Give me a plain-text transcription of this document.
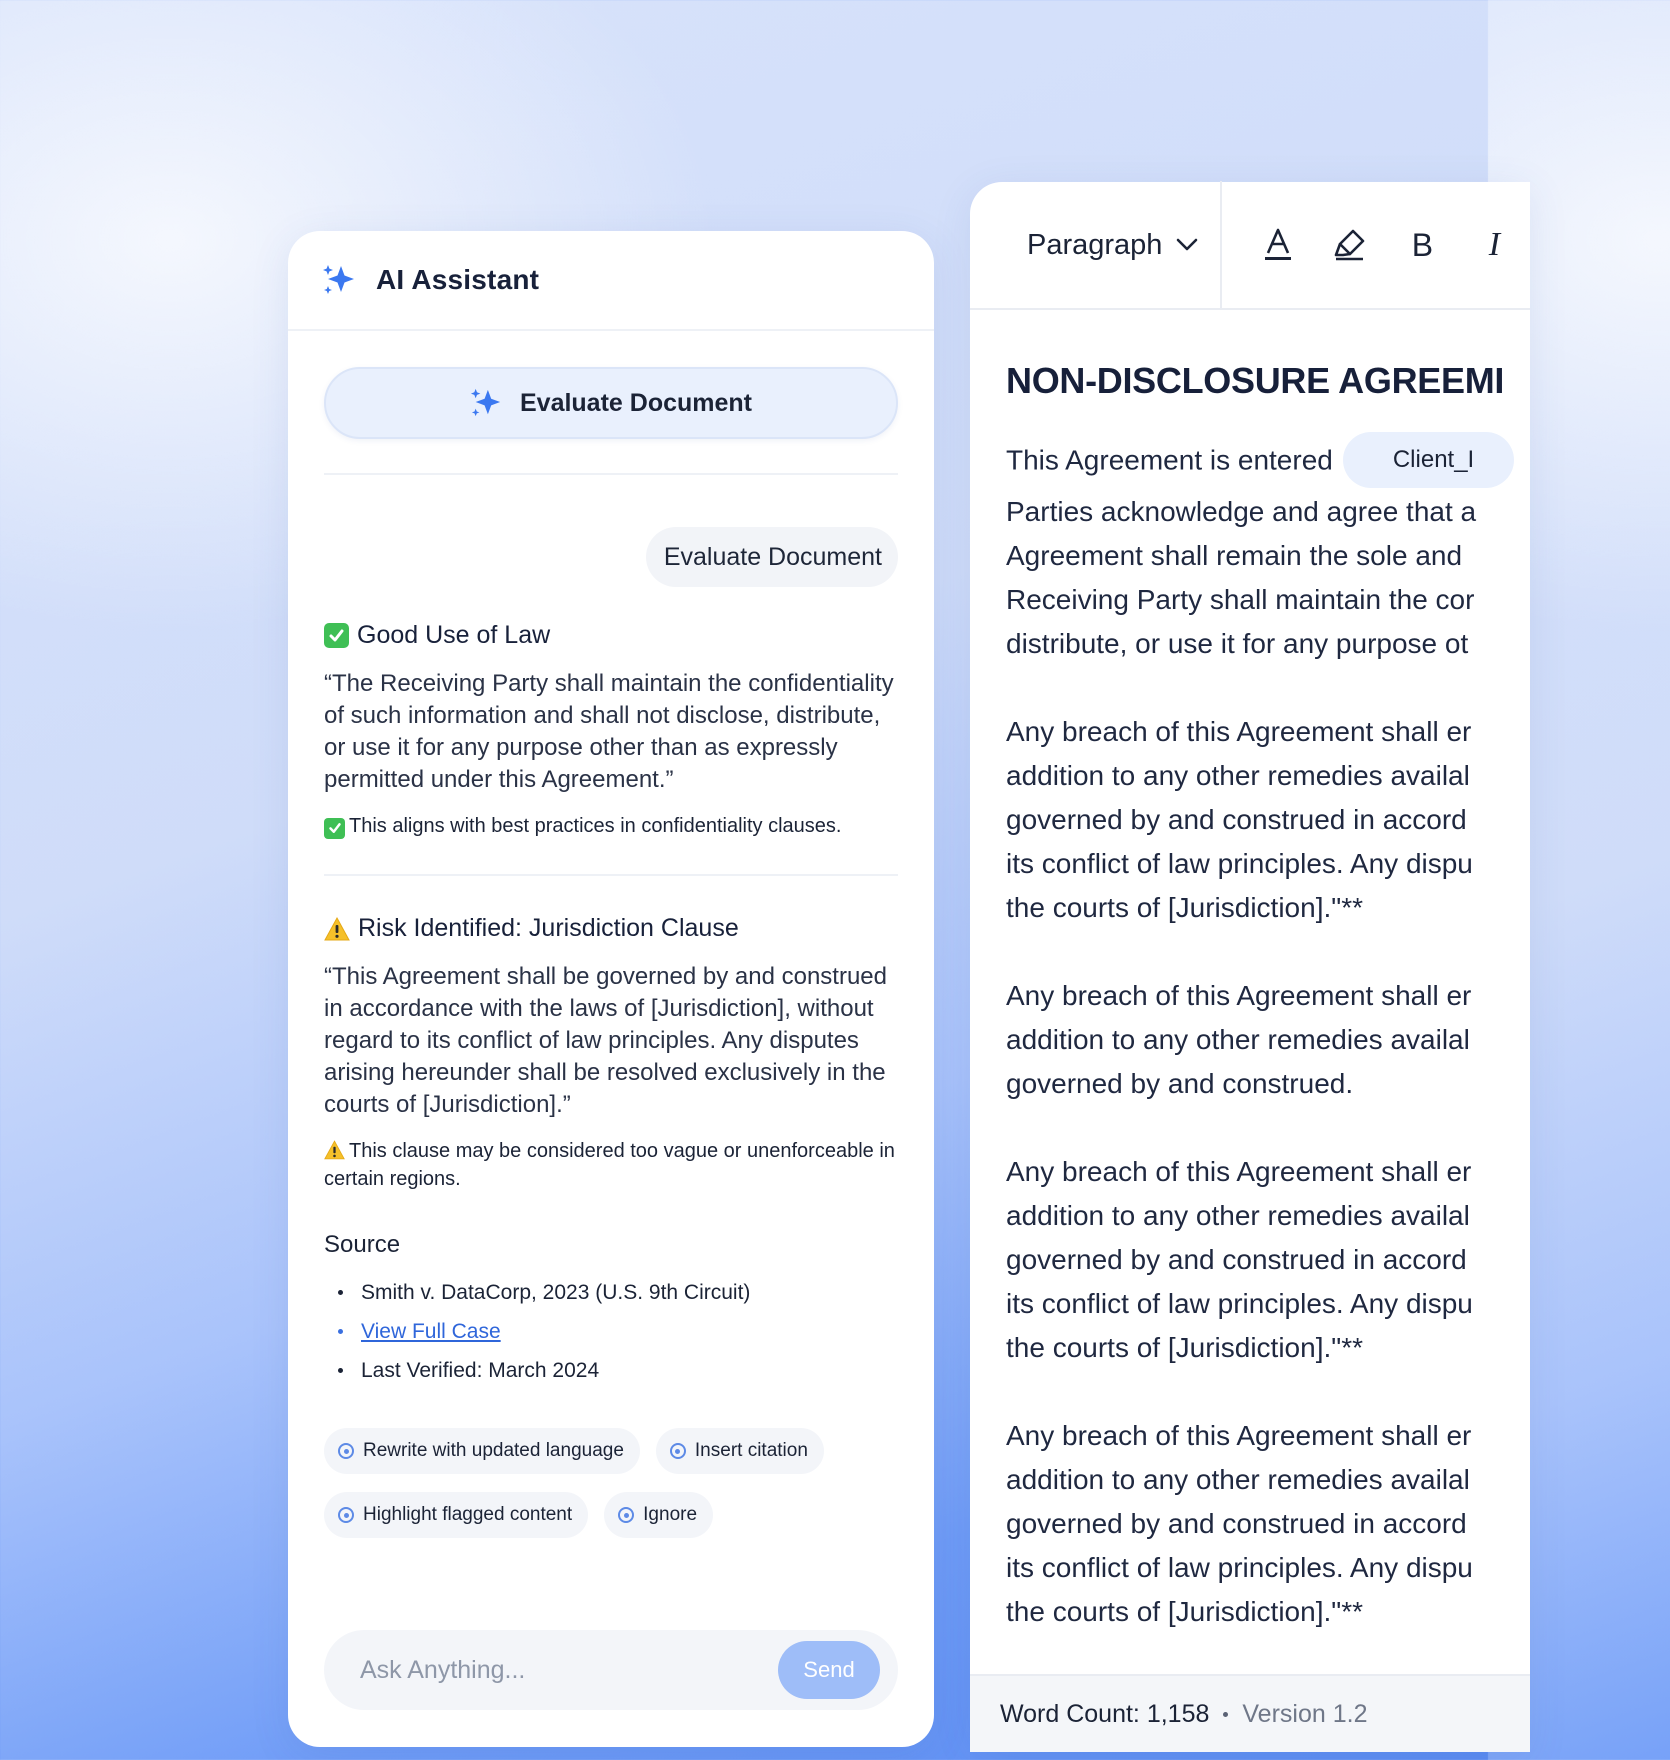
AI Assistant
Evaluate Document
Evaluate Document
Good Use of Law

“The Receiving Party shall maintain the confidentiality of such information and shall not disclose, distribute, or use it for any purpose other than as expressly permitted under this Agreement.”

This aligns with best practices in confidentiality clauses.

Risk Identified: Jurisdiction Clause

“This Agreement shall be governed by and construed in accordance with the laws of [Jurisdiction], without regard to its conflict of law principles. Any disputes arising hereunder shall be resolved exclusively in the courts of [Jurisdiction].”

This clause may be considered too vague or unenforceable in certain regions.

Source
Smith v. DataCorp, 2023 (U.S. 9th Circuit)
View Full Case
Last Verified: March 2024
Rewrite with updated language	Insert citation
Highlight flagged content	Ignore
Ask Anything...
Send
Paragraph	B I
NON-DISCLOSURE AGREEMI
This Agreement is entered	Client_I
Parties acknowledge and agree that a
Agreement shall remain the sole and
Receiving Party shall maintain the cor
distribute, or use it for any purpose ot
Any breach of this Agreement shall er
addition to any other remedies availal
governed by and construed in accord
its conflict of law principles. Any dispu
the courts of [Jurisdiction]."**
Any breach of this Agreement shall er
addition to any other remedies availal
governed by and construed.
Any breach of this Agreement shall er
addition to any other remedies availal
governed by and construed in accord
its conflict of law principles. Any dispu
the courts of [Jurisdiction]."**
Any breach of this Agreement shall er
addition to any other remedies availal
governed by and construed in accord
its conflict of law principles. Any dispu
the courts of [Jurisdiction]."**
Word Count: 1,158 Version 1.2
